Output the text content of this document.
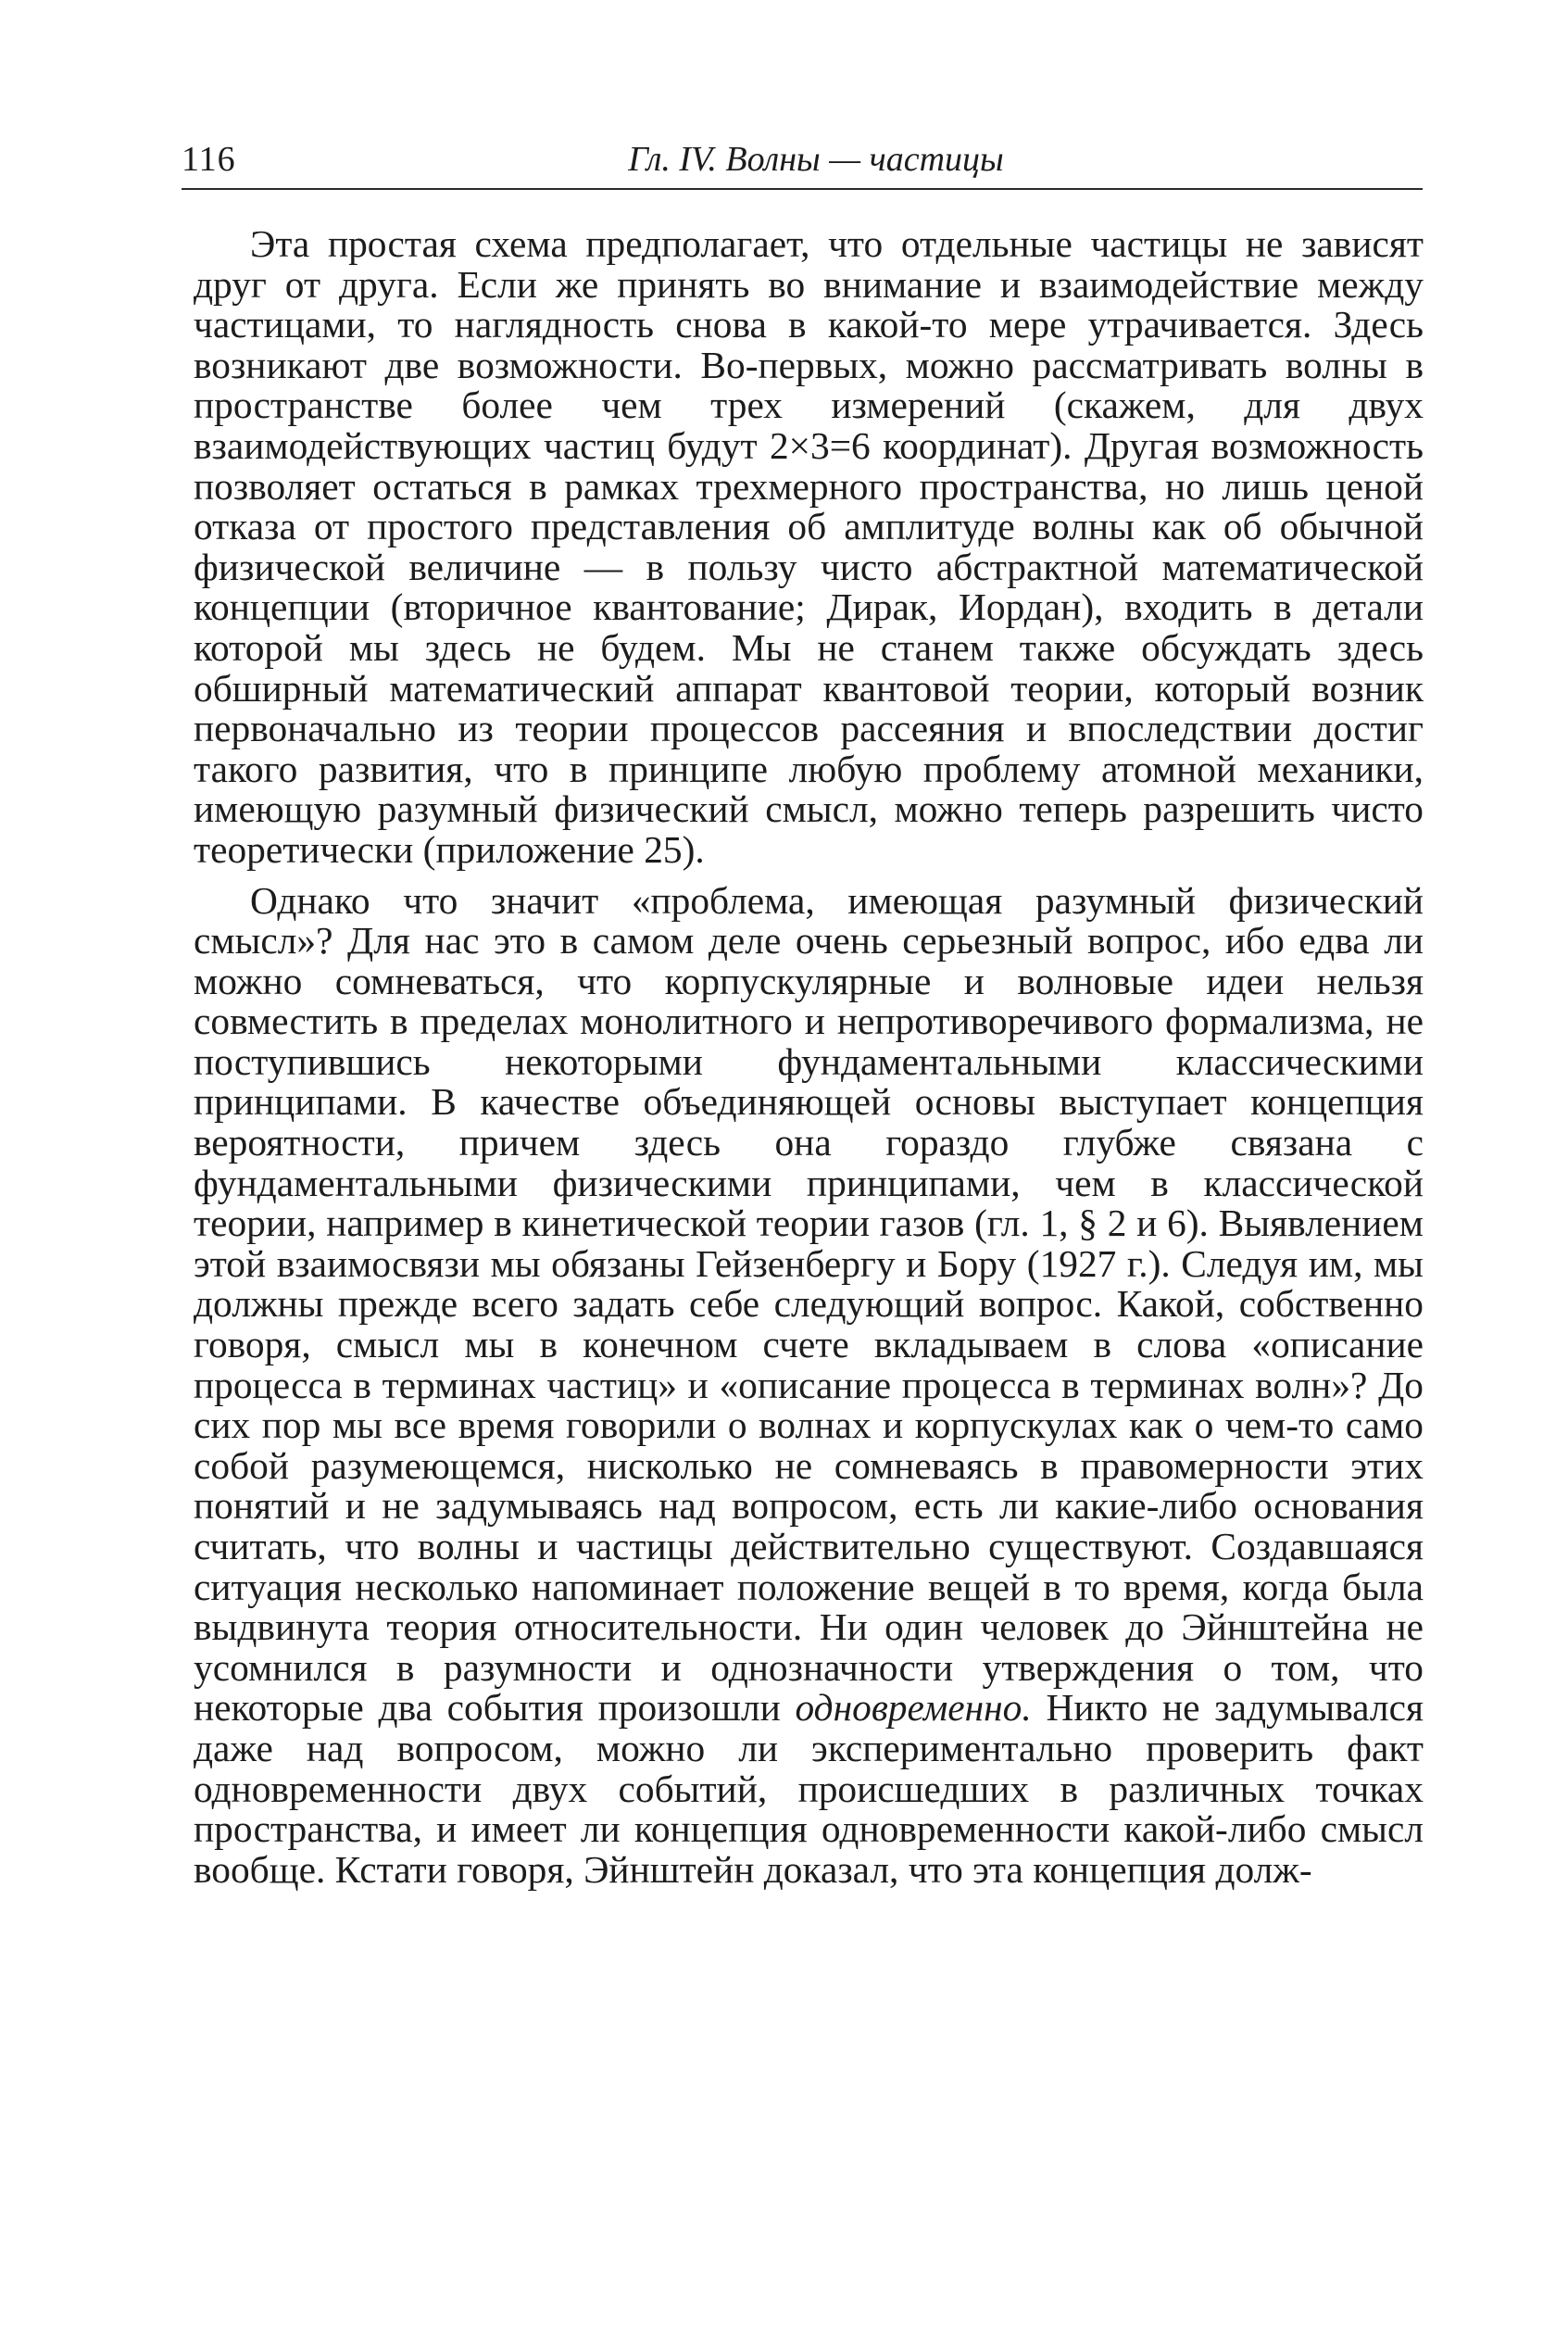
116	Гл. IV. Волны — частицы

Эта простая схема предполагает, что отдельные частицы не зависят друг от друга. Если же принять во внимание и взаимодействие между частицами, то наглядность снова в какой-то мере утрачивается. Здесь возникают две возможности. Во-первых, можно рассматривать волны в пространстве более чем трех измерений (скажем, для двух взаимодействующих частиц будут 2×3=6 координат). Другая возможность позволяет остаться в рамках трехмерного пространства, но лишь ценой отказа от простого представления об амплитуде волны как об обычной физической величине — в пользу чисто абстрактной математической концепции (вторичное квантование; Дирак, Иордан), входить в детали которой мы здесь не будем. Мы не станем также обсуждать здесь обширный математический аппарат квантовой теории, который возник первоначально из теории процессов рассеяния и впоследствии достиг такого развития, что в принципе любую проблему атомной механики, имеющую разумный физический смысл, можно теперь разрешить чисто теоретически (приложение 25).

Однако что значит «проблема, имеющая разумный физический смысл»? Для нас это в самом деле очень серьезный вопрос, ибо едва ли можно сомневаться, что корпускулярные и волновые идеи нельзя совместить в пределах монолитного и непротиворечивого формализма, не поступившись некоторыми фундаментальными классическими принципами. В качестве объединяющей основы выступает концепция вероятности, причем здесь она гораздо глубже связана с фундаментальными физическими принципами, чем в классической теории, например в кинетической теории газов (гл. 1, § 2 и 6). Выявлением этой взаимосвязи мы обязаны Гейзенбергу и Бору (1927 г.). Следуя им, мы должны прежде всего задать себе следующий вопрос. Какой, собственно говоря, смысл мы в конечном счете вкладываем в слова «описание процесса в терминах частиц» и «описание процесса в терминах волн»? До сих пор мы все время говорили о волнах и корпускулах как о чем-то само собой разумеющемся, нисколько не сомневаясь в правомерности этих понятий и не задумываясь над вопросом, есть ли какие-либо основания считать, что волны и частицы действительно существуют. Создавшаяся ситуация несколько напоминает положение вещей в то время, когда была выдвинута теория относительности. Ни один человек до Эйнштейна не усомнился в разумности и однозначности утверждения о том, что некоторые два события произошли одновременно. Никто не задумывался даже над вопросом, можно ли экспериментально проверить факт одновременности двух событий, происшедших в различных точках пространства, и имеет ли концепция одновременности какой-либо смысл вообще. Кстати говоря, Эйнштейн доказал, что эта концепция долж-
